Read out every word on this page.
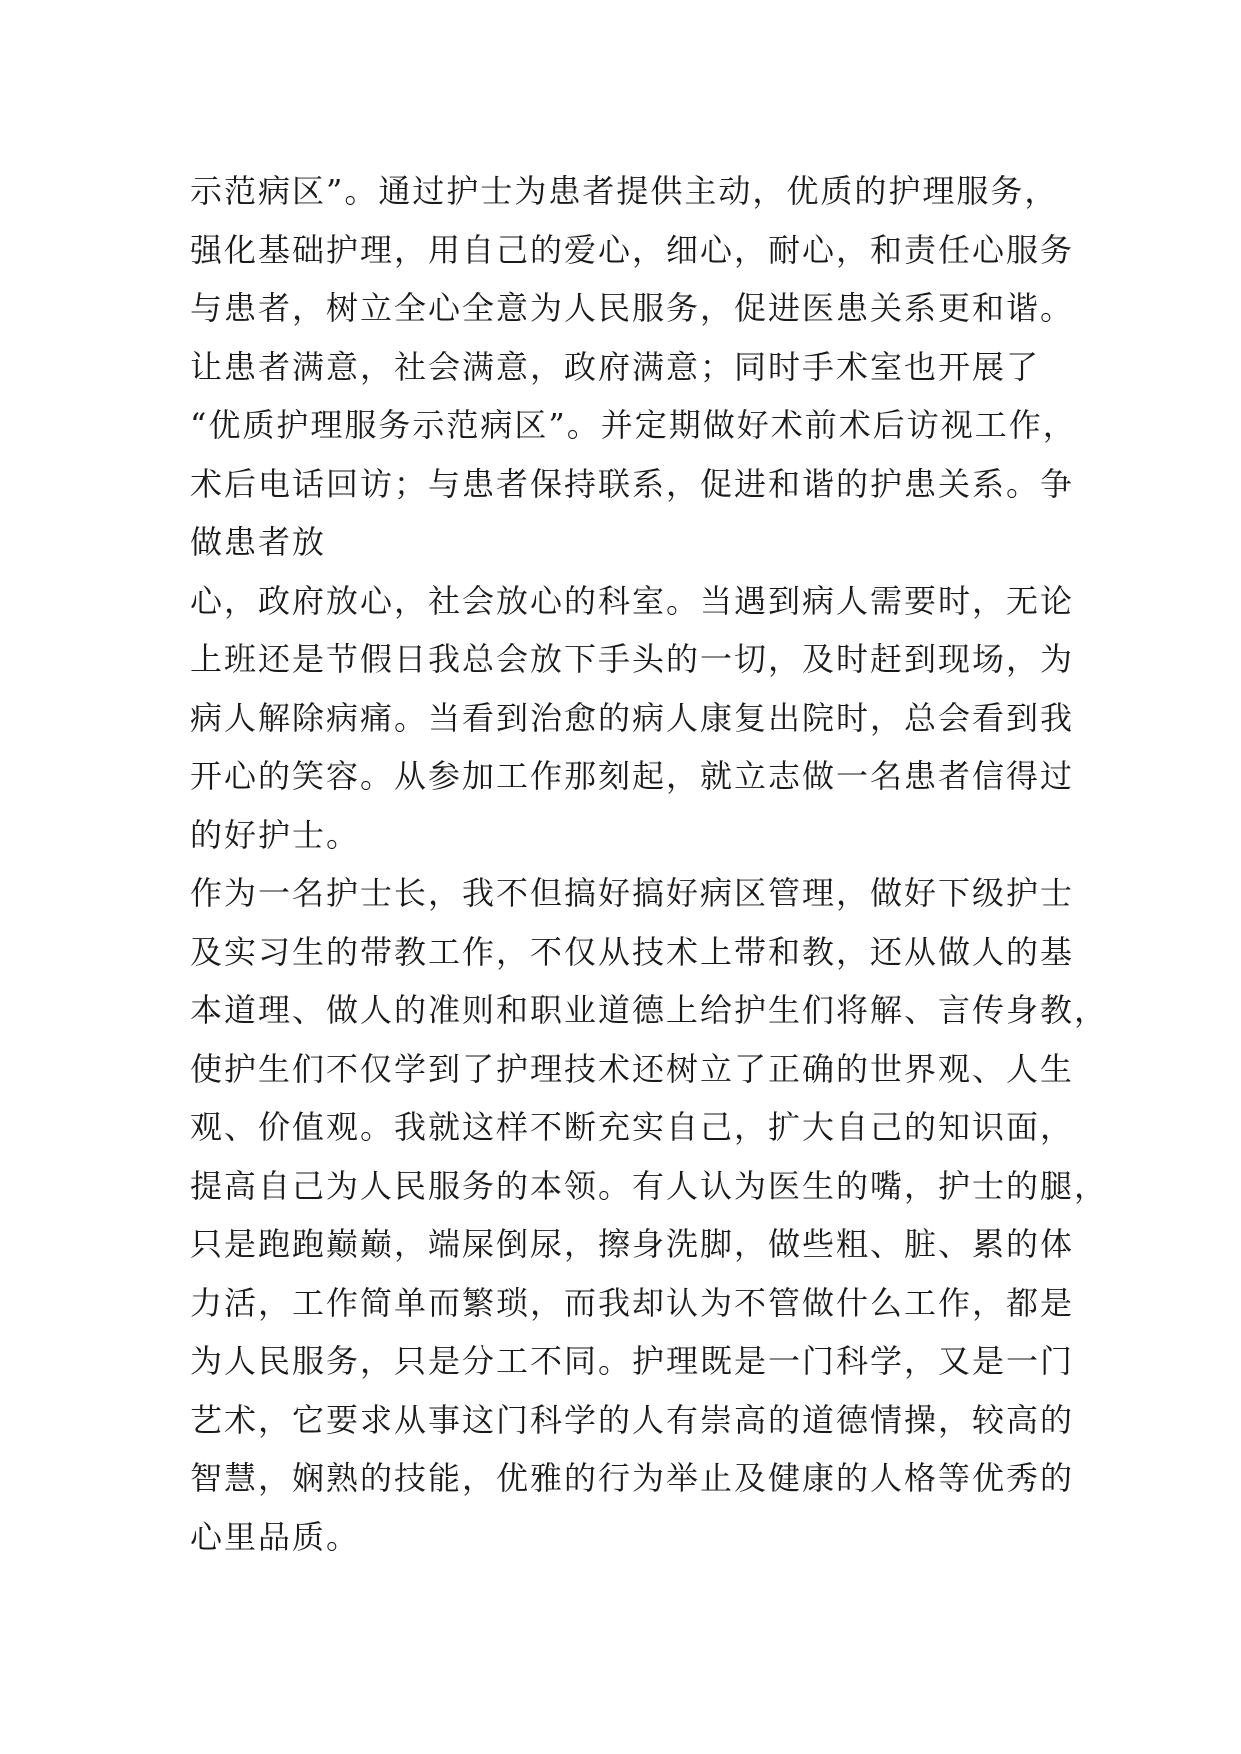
示范病区”。通过护士为患者提供主动，优质的护理服务，
强化基础护理，用自己的爱心，细心，耐心，和责任心服务
与患者，树立全心全意为人民服务，促进医患关系更和谐。
让患者满意，社会满意，政府满意；同时手术室也开展了
“优质护理服务示范病区”。并定期做好术前术后访视工作，
术后电话回访；与患者保持联系，促进和谐的护患关系。争
做患者放
心，政府放心，社会放心的科室。当遇到病人需要时，无论
上班还是节假日我总会放下手头的一切，及时赶到现场，为
病人解除病痛。当看到治愈的病人康复出院时，总会看到我
开心的笑容。从参加工作那刻起，就立志做一名患者信得过
的好护士。
作为一名护士长，我不但搞好搞好病区管理，做好下级护士
及实习生的带教工作，不仅从技术上带和教，还从做人的基
本道理、做人的准则和职业道德上给护生们将解、言传身教，
使护生们不仅学到了护理技术还树立了正确的世界观、人生
观、价值观。我就这样不断充实自己，扩大自己的知识面，
提高自己为人民服务的本领。有人认为医生的嘴，护士的腿，
只是跑跑巅巅，端屎倒尿，擦身洗脚，做些粗、脏、累的体
力活，工作简单而繁琐，而我却认为不管做什么工作，都是
为人民服务，只是分工不同。护理既是一门科学，又是一门
艺术，它要求从事这门科学的人有崇高的道德情操，较高的
智慧，娴熟的技能，优雅的行为举止及健康的人格等优秀的
心里品质。
